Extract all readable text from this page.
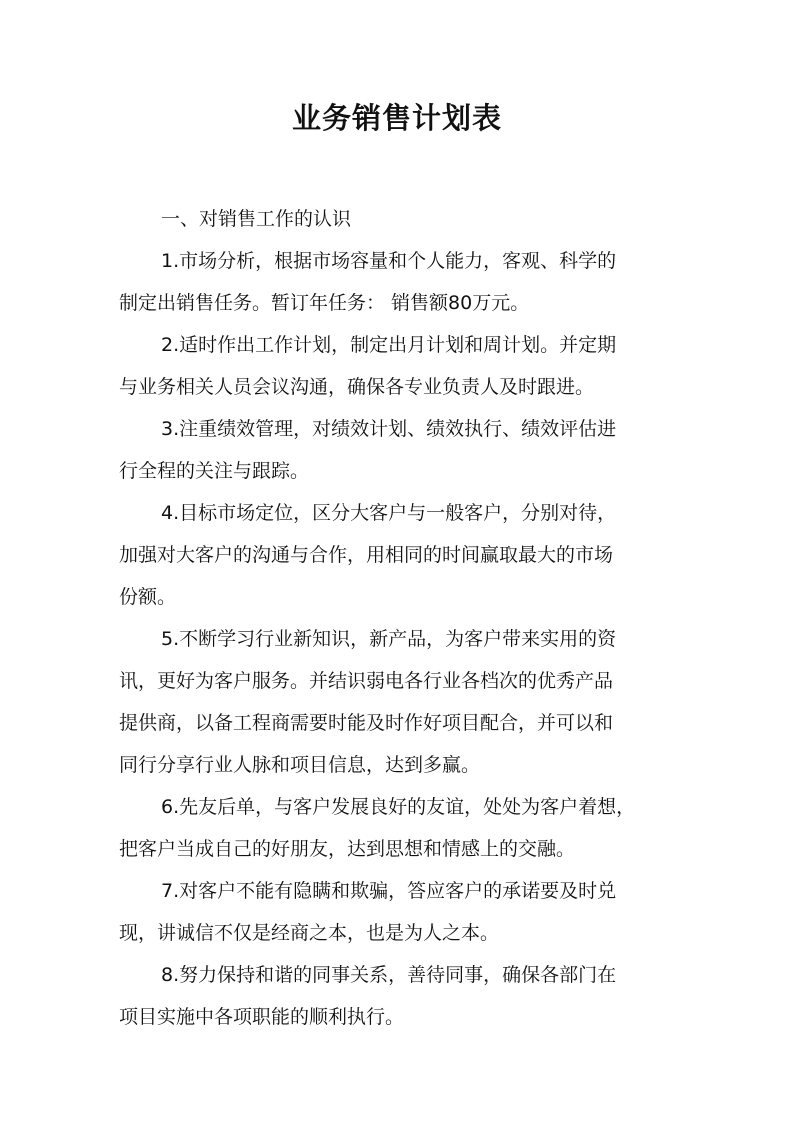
业务销售计划表
一、对销售工作的认识
1.市场分析，根据市场容量和个人能力，客观、科学的
制定出销售任务。暂订年任务： 销售额80万元。
2.适时作出工作计划，制定出月计划和周计划。并定期
与业务相关人员会议沟通，确保各专业负责人及时跟进。
3.注重绩效管理，对绩效计划、绩效执行、绩效评估进
行全程的关注与跟踪。
4.目标市场定位，区分大客户与一般客户，分别对待，
加强对大客户的沟通与合作，用相同的时间赢取最大的市场
份额。
5.不断学习行业新知识，新产品，为客户带来实用的资
讯，更好为客户服务。并结识弱电各行业各档次的优秀产品
提供商，以备工程商需要时能及时作好项目配合，并可以和
同行分享行业人脉和项目信息，达到多赢。
6.先友后单，与客户发展良好的友谊，处处为客户着想，
把客户当成自己的好朋友，达到思想和情感上的交融。
7.对客户不能有隐瞒和欺骗，答应客户的承诺要及时兑
现，讲诚信不仅是经商之本，也是为人之本。
8.努力保持和谐的同事关系，善待同事，确保各部门在
项目实施中各项职能的顺利执行。
